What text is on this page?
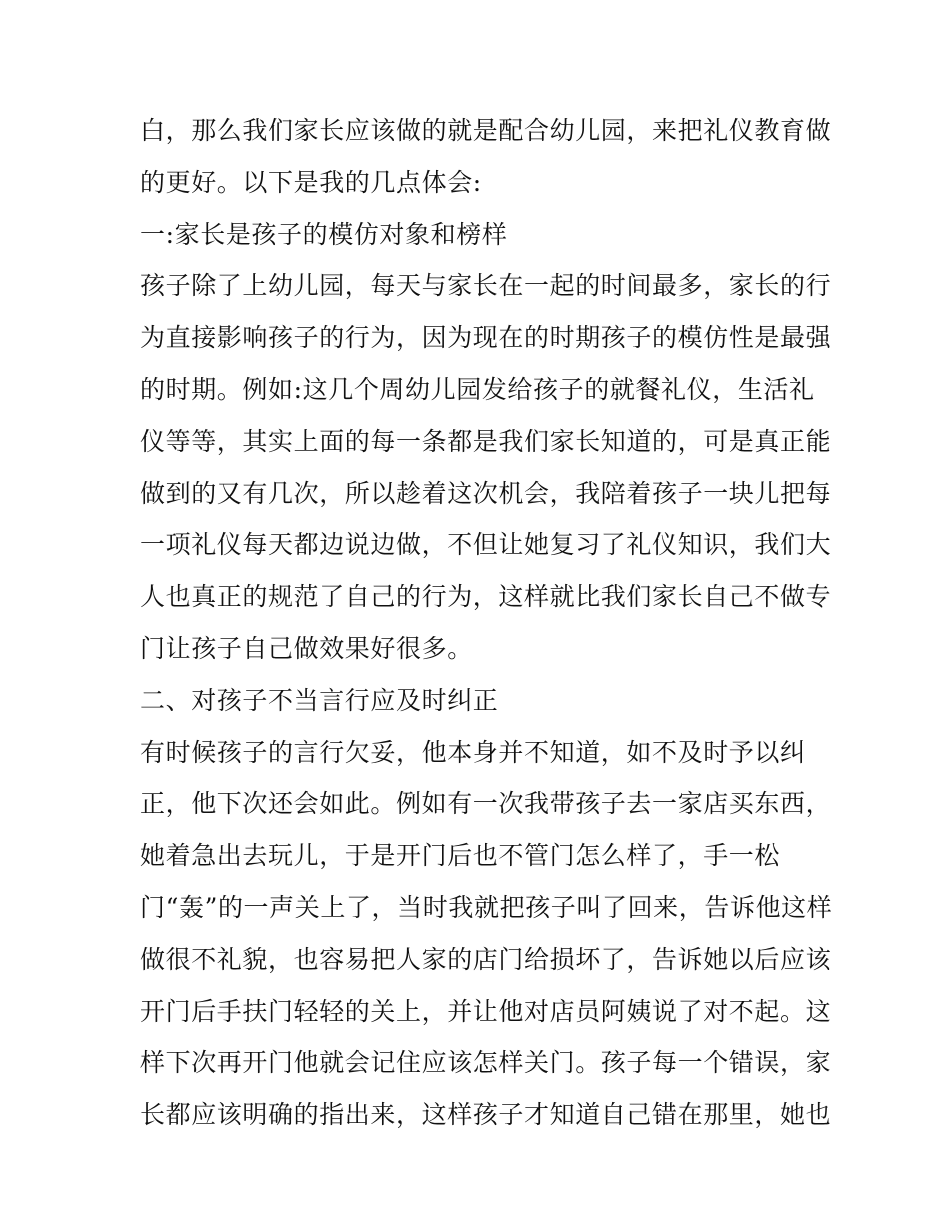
白，那么我们家长应该做的就是配合幼儿园，来把礼仪教育做
的更好。以下是我的几点体会:
一:家长是孩子的模仿对象和榜样
孩子除了上幼儿园，每天与家长在一起的时间最多，家长的行
为直接影响孩子的行为，因为现在的时期孩子的模仿性是最强
的时期。例如:这几个周幼儿园发给孩子的就餐礼仪，生活礼
仪等等，其实上面的每一条都是我们家长知道的，可是真正能
做到的又有几次，所以趁着这次机会，我陪着孩子一块儿把每
一项礼仪每天都边说边做，不但让她复习了礼仪知识，我们大
人也真正的规范了自己的行为，这样就比我们家长自己不做专
门让孩子自己做效果好很多。
二、对孩子不当言行应及时纠正
有时候孩子的言行欠妥，他本身并不知道，如不及时予以纠
正，他下次还会如此。例如有一次我带孩子去一家店买东西，
她着急出去玩儿，于是开门后也不管门怎么样了，手一松
门“轰”的一声关上了，当时我就把孩子叫了回来，告诉他这样
做很不礼貌，也容易把人家的店门给损坏了，告诉她以后应该
开门后手扶门轻轻的关上，并让他对店员阿姨说了对不起。这
样下次再开门他就会记住应该怎样关门。孩子每一个错误，家
长都应该明确的指出来，这样孩子才知道自己错在那里，她也
